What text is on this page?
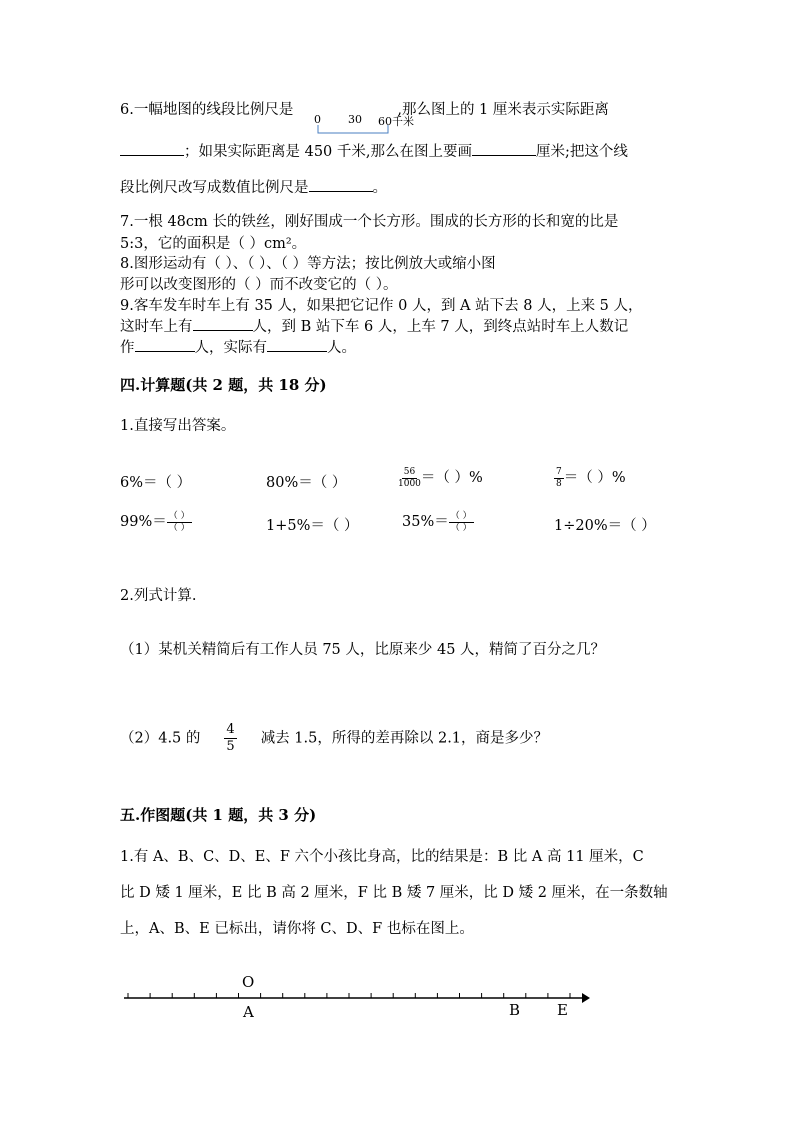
6.一幅地图的线段比例尺是	,那么图上的 1 厘米表示实际距离
0 30 60千米
；如果实际距离是 450 千米,那么在图上要画	厘米;把这个线
段比例尺改写成数值比例尺是	。
7.一根 48cm 长的铁丝，刚好围成一个长方形。围成的长方形的长和宽的比是
5:3，它的面积是（ ）cm²。
8.图形运动有（ ）、（ ）、（ ）等方法；按比例放大或缩小图
形可以改变图形的（ ）而不改变它的（ ）。
9.客车发车时车上有 35 人，如果把它记作 0 人，到 A 站下去 8 人，上来 5 人，
这时车上有	人，到 B 站下车 6 人，上车 7 人，到终点站时车上人数记
作	人，实际有	人。
四.计算题(共 2 题，共 18 分)
1.直接写出答案。
6%＝（ ）	80%＝（ ）	$\frac{56}{1000}$ ＝（ ）%	$\frac{7}{8}$ ＝（ ）%
$99\%= \frac{( )}{( )}$	1+5%＝（ ）	$35\%= \frac{( )}{( )}$	1÷20%＝（ ）
2.列式计算.
（1）某机关精简后有工作人员 75 人，比原来少 45 人，精简了百分之几？
（2）4.5 的 $\frac{4}{5}$ 减去 1.5，所得的差再除以 2.1，商是多少？
五.作图题(共 1 题，共 3 分)
1.有 A、B、C、D、E、F 六个小孩比身高，比的结果是：B 比 A 高 11 厘米，C
比 D 矮 1 厘米，E 比 B 高 2 厘米，F 比 B 矮 7 厘米，比 D 矮 2 厘米，在一条数轴
上，A、B、E 已标出，请你将 C、D、F 也标在图上。
O
A	B E
